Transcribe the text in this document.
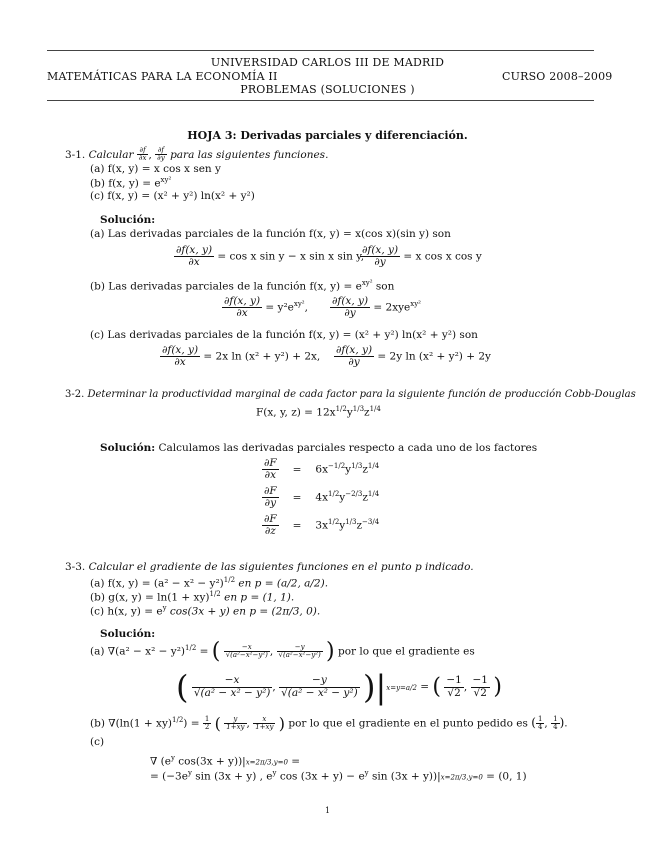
UNIVERSIDAD CARLOS III DE MADRID
MATEMÁTICAS PARA LA ECONOMÍA II	CURSO 2008–2009
PROBLEMAS (SOLUCIONES )
HOJA 3: Derivadas parciales y diferenciación.
3-1. Calcular $\frac{\partial f}{\partial x}$ , $\frac{\partial f}{\partial y}$ para las siguientes funciones.
(a) f(x, y) = x cos x sen y
(b) f(x, $y) = e^{xy^2}$
(c) f(x, y) = (x² + y²) ln(x² + y²)
Solución:
(a) Las derivadas parciales de la función f(x, y) = x(cos x)(sin y) son
$\frac{\partial f(x, y)}{\partial x} = \cos x$ sin y − x sin x sin y,
$\frac{\partial f(x, y)}{\partial y} = x$ cos x cos y
(b) Las derivadas parciales de la función f(x, $y) = e^{xy^2}$ son
$\frac{\partial f(x, y)}{\partial x} = y^2e^{xy^2}$, $\frac{\partial f(x, y)}{\partial y} = 2xye^{xy^2}$
(c) Las derivadas parciales de la función f(x, y) = (x² + y²) ln(x² + y²) son
$\frac{\partial f(x, y)}{\partial x} = 2x$ ln (x² + y²) + 2x, $\frac{\partial f(x, y)}{\partial y} = 2y$ ln (x² + y²) + 2y
3-2. Determinar la productividad marginal de cada factor para la siguiente función de producción Cobb-Douglas
F(x, y, $z) = 12x^{1/2}y^{1/3}z^{1/4}$
Solución: Calculamos las derivadas parciales respecto a cada uno de los factores
$\frac{\partial F}{\partial x} = 6x^{-1/2}y^{1/3}z^{1/4}$
$\frac{\partial F}{\partial y} = 4x^{1/2}y^{-2/3}z^{1/4}$
$\frac{\partial F}{\partial z} = 3x^{1/2}y^{1/3}z^{-3/4}$
3-3. Calcular el gradiente de las siguientes funciones en el punto p indicado.
(a) f(x, $y) = (a^2 - x^2 - y^2)^{1/2}$ en p = (a/2, a/2).
(b) g(x, y) = ln(1 + xy)$^{1/2}$ en p = (1, 1).
(c) h(x, $y) = e^y$ cos(3x + y) en p = (2π/3, 0).
Solución:
(a) $\nabla(a^2 - x^2 - y^2)^{1/2}$ = ( $\frac{-x}{\text{√(a²−x²−y²)}}$ , $\frac{-y}{\text{√(a²−x²−y²)}}$ ) por lo que el gradiente es
( $\frac{-x}{\text{√(a² − x² − y²)}}$ , $\frac{-y}{\text{√(a² − x² − y²)}} )|x=y=a/2$ = ( $\frac{-1}{√2}$ , $\frac{-1}{√2}$ )
(b) $\nabla(\ln(1 + xy)^{1/2}) = \frac{1}{2}$ ( $\frac{y}{1+xy}$ , $\frac{x}{1+xy}$ ) por lo que el gradiente en el punto pedido es ( $\frac{1}{4}$ , $\frac{1}{4}$ ).
(c)
∇ ($e^y$ cos(3x + y))|x=2π/3,y=0 =
= ($-3e^y$ sin (3x + y) , $e^y$ $\cos (3x + y) - e^y$ sin (3x + y))|x=2π/3,y=0 = (0, 1)
1
